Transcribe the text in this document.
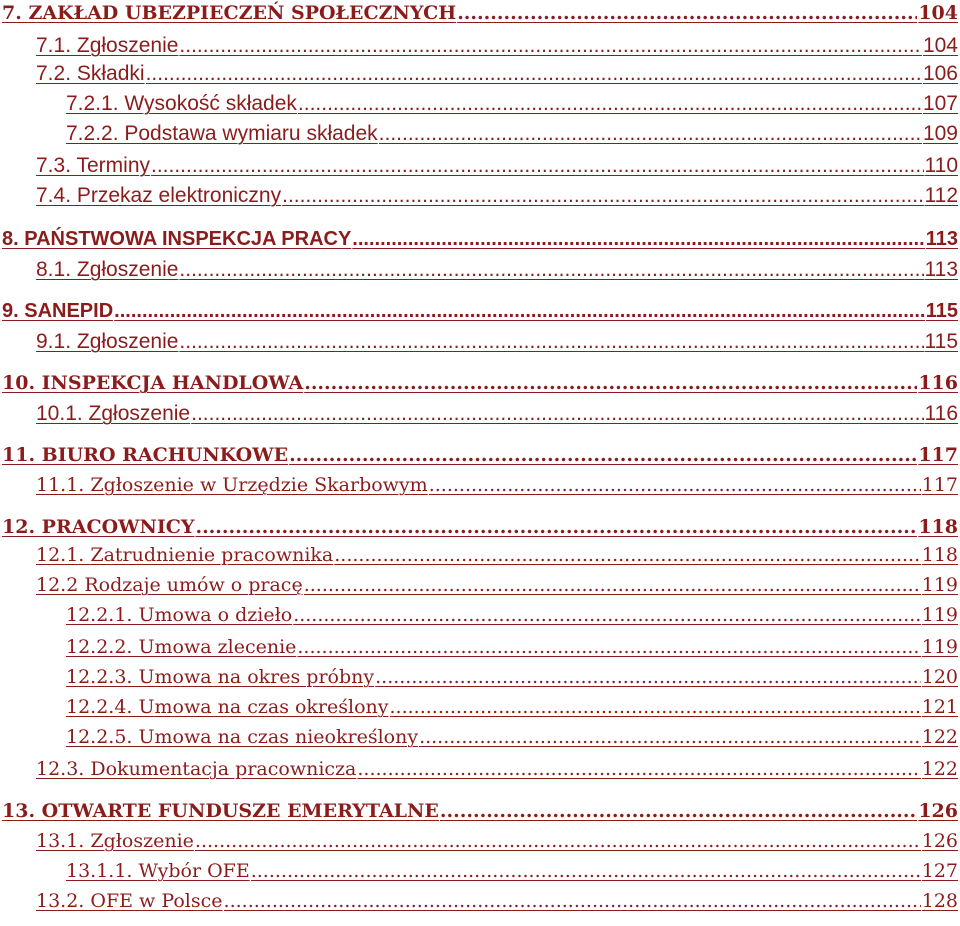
7. ZAKŁAD UBEZPIECZEŃ SPOŁECZNYCH .....	104
7.1. Zgłoszenie .....	104
7.2. Składki .....	106
7.2.1. Wysokość składek .....	107
7.2.2. Podstawa wymiaru składek .....	109
7.3. Terminy .....	110
7.4. Przekaz elektroniczny .....	112
8. PAŃSTWOWA INSPEKCJA PRACY .....	113
8.1. Zgłoszenie .....	113
9. SANEPID .....	115
9.1. Zgłoszenie .....	115
10. INSPEKCJA HANDLOWA .....	116
10.1. Zgłoszenie .....	116
11. BIURO RACHUNKOWE .....	117
11.1. Zgłoszenie w Urzędzie Skarbowym .....	117
12. PRACOWNICY .....	118
12.1. Zatrudnienie pracownika .....	118
12.2 Rodzaje umów o pracę .....	119
12.2.1. Umowa o dzieło .....	119
12.2.2. Umowa zlecenie .....	119
12.2.3. Umowa na okres próbny .....	120
12.2.4. Umowa na czas określony .....	121
12.2.5. Umowa na czas nieokreślony .....	122
12.3. Dokumentacja pracownicza .....	122
13. OTWARTE FUNDUSZE EMERYTALNE .....	126
13.1. Zgłoszenie .....	126
13.1.1. Wybór OFE .....	127
13.2. OFE w Polsce .....	128
